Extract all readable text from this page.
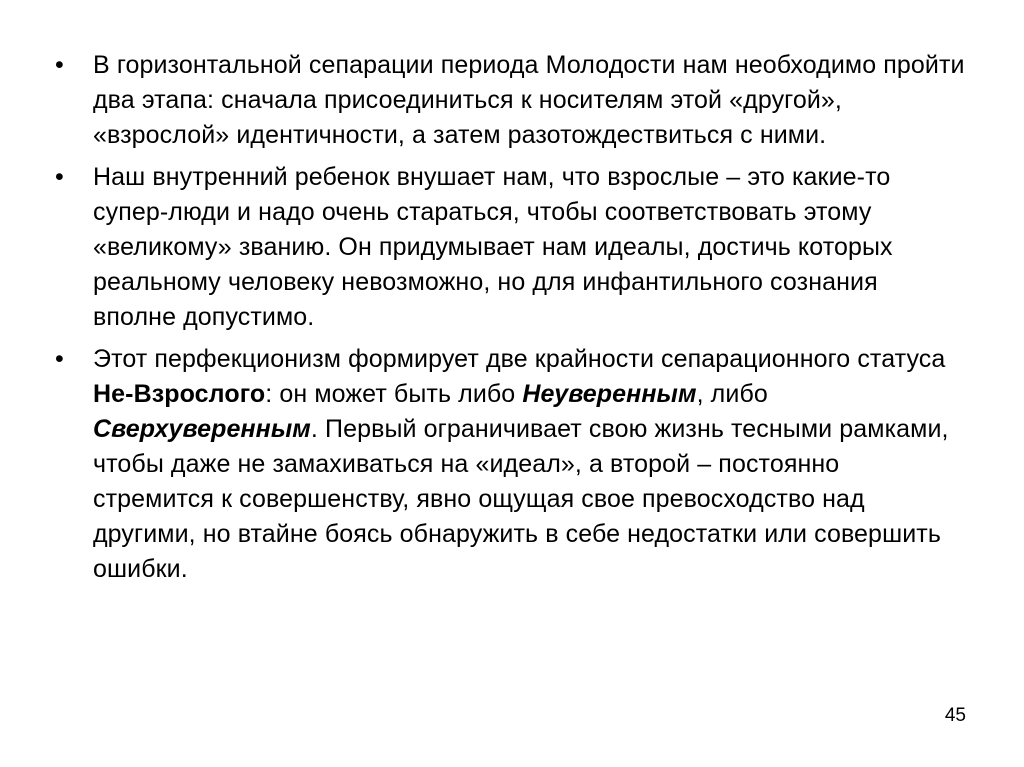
• В горизонтальной сепарации периода Молодости нам необходимо пройти два этапа: сначала присоединиться к носителям этой «другой», «взрослой» идентичности, а затем разотождествиться с ними.
• Наш внутренний ребенок внушает нам, что взрослые – это какие-то супер-люди и надо очень стараться, чтобы соответствовать этому «великому» званию. Он придумывает нам идеалы, достичь которых реальному человеку невозможно, но для инфантильного сознания вполне допустимо.
• Этот перфекционизм формирует две крайности сепарационного статуса Не-Взрослого: он может быть либо Неуверенным, либо Сверхуверенным. Первый ограничивает свою жизнь тесными рамками, чтобы даже не замахиваться на «идеал», а второй – постоянно стремится к совершенству, явно ощущая свое превосходство над другими, но втайне боясь обнаружить в себе недостатки или совершить ошибки.
45
